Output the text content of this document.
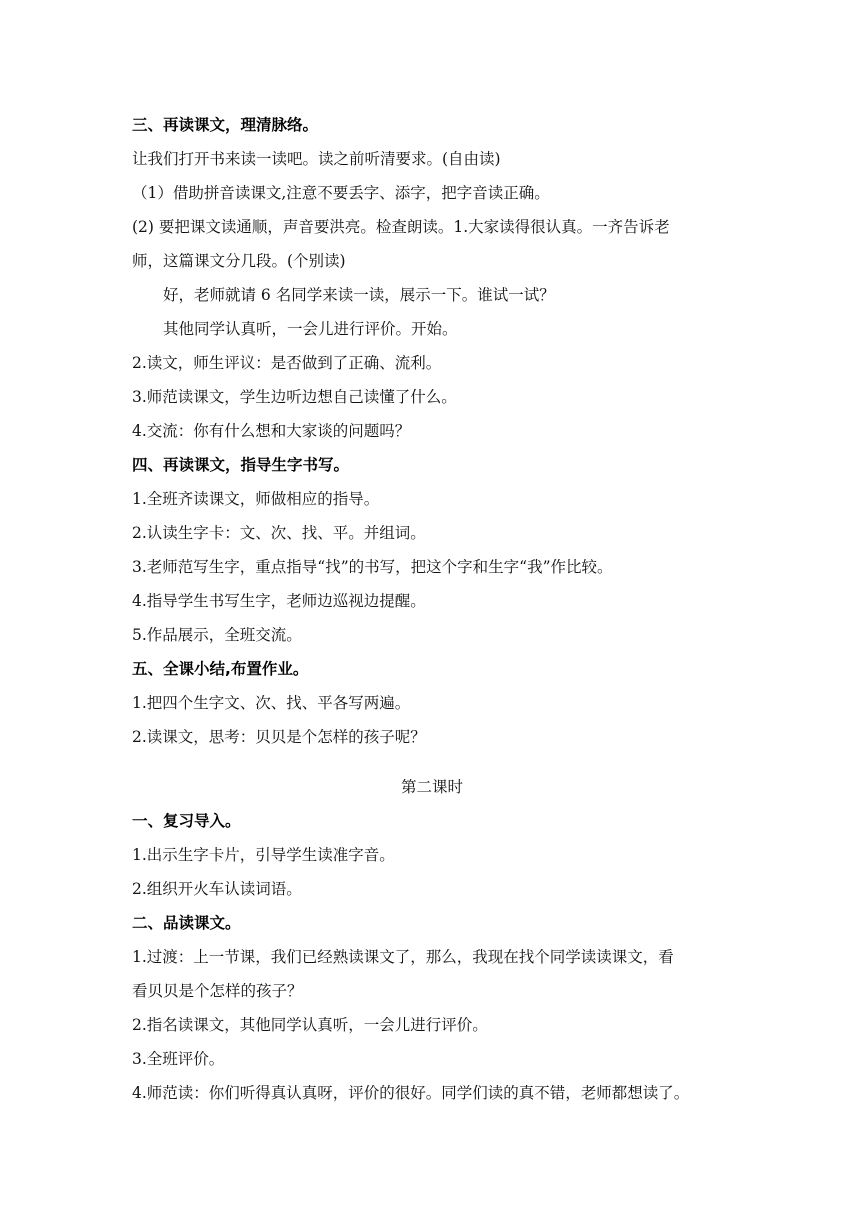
三、再读课文，理清脉络。
让我们打开书来读一读吧。读之前听清要求。(自由读)
（1）借助拼音读课文,注意不要丢字、添字，把字音读正确。
(2) 要把课文读通顺，声音要洪亮。检查朗读。1.大家读得很认真。一齐告诉老
师，这篇课文分几段。(个别读)
好，老师就请 6 名同学来读一读，展示一下。谁试一试？
其他同学认真听，一会儿进行评价。开始。
2.读文，师生评议：是否做到了正确、流利。
3.师范读课文，学生边听边想自己读懂了什么。
4.交流：你有什么想和大家谈的问题吗？
四、再读课文，指导生字书写。
1.全班齐读课文，师做相应的指导。
2.认读生字卡：文、次、找、平。并组词。
3.老师范写生字，重点指导“找”的书写，把这个字和生字“我”作比较。
4.指导学生书写生字，老师边巡视边提醒。
5.作品展示，全班交流。
五、全课小结,布置作业。
1.把四个生字文、次、找、平各写两遍。
2.读课文，思考：贝贝是个怎样的孩子呢？
第二课时
一、复习导入。
1.出示生字卡片，引导学生读准字音。
2.组织开火车认读词语。
二、品读课文。
1.过渡：上一节课，我们已经熟读课文了，那么，我现在找个同学读读课文，看
看贝贝是个怎样的孩子？
2.指名读课文，其他同学认真听，一会儿进行评价。
3.全班评价。
4.师范读：你们听得真认真呀，评价的很好。同学们读的真不错，老师都想读了。
